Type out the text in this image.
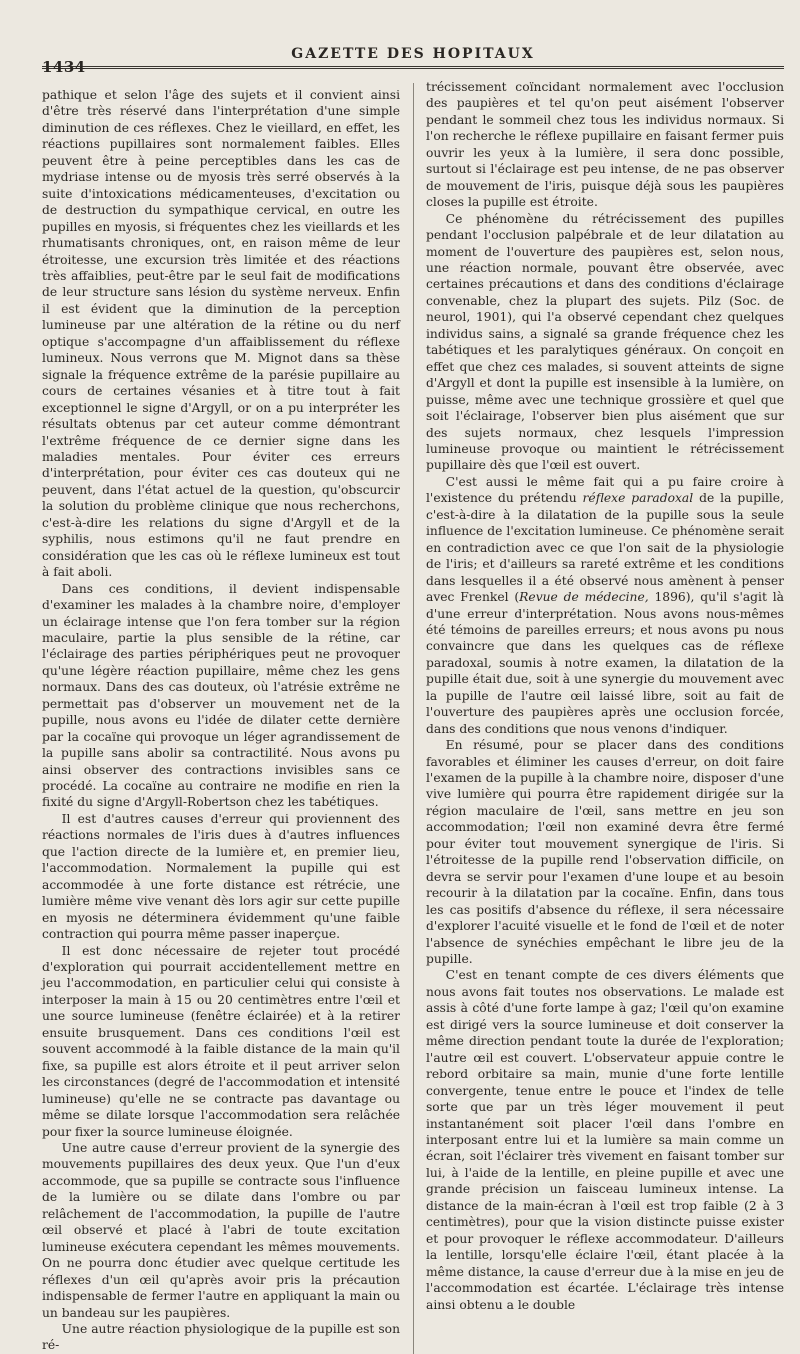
1434
GAZETTE DES HOPITAUX

pathique et selon l'âge des sujets et il convient ainsi d'être très réservé dans l'interprétation d'une simple diminution de ces réflexes. Chez le vieillard, en effet, les réactions pupillaires sont normalement faibles. Elles peuvent être à peine perceptibles dans les cas de mydriase intense ou de myosis très serré observés à la suite d'intoxications médicamenteuses, d'excitation ou de destruction du sympathique cervical, en outre les pupilles en myosis, si fréquentes chez les vieillards et les rhumatisants chroniques, ont, en raison même de leur étroitesse, une excursion très limitée et des réactions très affaiblies, peut-être par le seul fait de modifications de leur structure sans lésion du système nerveux. Enfin il est évident que la diminution de la perception lumineuse par une altération de la rétine ou du nerf optique s'accompagne d'un affaiblissement du réflexe lumineux. Nous verrons que M. Mignot dans sa thèse signale la fréquence extrême de la parésie pupillaire au cours de certaines vésanies et à titre tout à fait exceptionnel le signe d'Argyll, or on a pu interpréter les résultats obtenus par cet auteur comme démontrant l'extrême fréquence de ce dernier signe dans les maladies mentales. Pour éviter ces erreurs d'interprétation, pour éviter ces cas douteux qui ne peuvent, dans l'état actuel de la question, qu'obscurcir la solution du problème clinique que nous recherchons, c'est-à-dire les relations du signe d'Argyll et de la syphilis, nous estimons qu'il ne faut prendre en considération que les cas où le réflexe lumineux est tout à fait aboli.

Dans ces conditions, il devient indispensable d'examiner les malades à la chambre noire, d'employer un éclairage intense que l'on fera tomber sur la région maculaire, partie la plus sensible de la rétine, car l'éclairage des parties périphériques peut ne provoquer qu'une légère réaction pupillaire, même chez les gens normaux. Dans des cas douteux, où l'atrésie extrême ne permettait pas d'observer un mouvement net de la pupille, nous avons eu l'idée de dilater cette dernière par la cocaïne qui provoque un léger agrandissement de la pupille sans abolir sa contractilité. Nous avons pu ainsi observer des contractions invisibles sans ce procédé. La cocaïne au contraire ne modifie en rien la fixité du signe d'Argyll-Robertson chez les tabétiques.

Il est d'autres causes d'erreur qui proviennent des réactions normales de l'iris dues à d'autres influences que l'action directe de la lumière et, en premier lieu, l'accommodation. Normalement la pupille qui est accommodée à une forte distance est rétrécie, une lumière même vive venant dès lors agir sur cette pupille en myosis ne déterminera évidemment qu'une faible contraction qui pourra même passer inaperçue.

Il est donc nécessaire de rejeter tout procédé d'exploration qui pourrait accidentellement mettre en jeu l'accommodation, en particulier celui qui consiste à interposer la main à 15 ou 20 centimètres entre l'œil et une source lumineuse (fenêtre éclairée) et à la retirer ensuite brusquement. Dans ces conditions l'œil est souvent accommodé à la faible distance de la main qu'il fixe, sa pupille est alors étroite et il peut arriver selon les circonstances (degré de l'accommodation et intensité lumineuse) qu'elle ne se contracte pas davantage ou même se dilate lorsque l'accommodation sera relâchée pour fixer la source lumineuse éloignée.

Une autre cause d'erreur provient de la synergie des mouvements pupillaires des deux yeux. Que l'un d'eux accommode, que sa pupille se contracte sous l'influence de la lumière ou se dilate dans l'ombre ou par relâchement de l'accommodation, la pupille de l'autre œil observé et placé à l'abri de toute excitation lumineuse exécutera cependant les mêmes mouvements. On ne pourra donc étudier avec quelque certitude les réflexes d'un œil qu'après avoir pris la précaution indispensable de fermer l'autre en appliquant la main ou un bandeau sur les paupières.

Une autre réaction physiologique de la pupille est son ré-

trécissement coïncidant normalement avec l'occlusion des paupières et tel qu'on peut aisément l'observer pendant le sommeil chez tous les individus normaux. Si l'on recherche le réflexe pupillaire en faisant fermer puis ouvrir les yeux à la lumière, il sera donc possible, surtout si l'éclairage est peu intense, de ne pas observer de mouvement de l'iris, puisque déjà sous les paupières closes la pupille est étroite.

Ce phénomène du rétrécissement des pupilles pendant l'occlusion palpébrale et de leur dilatation au moment de l'ouverture des paupières est, selon nous, une réaction normale, pouvant être observée, avec certaines précautions et dans des conditions d'éclairage convenable, chez la plupart des sujets. Pilz (Soc. de neurol, 1901), qui l'a observé cependant chez quelques individus sains, a signalé sa grande fréquence chez les tabétiques et les paralytiques généraux. On conçoit en effet que chez ces malades, si souvent atteints de signe d'Argyll et dont la pupille est insensible à la lumière, on puisse, même avec une technique grossière et quel que soit l'éclairage, l'observer bien plus aisément que sur des sujets normaux, chez lesquels l'impression lumineuse provoque ou maintient le rétrécissement pupillaire dès que l'œil est ouvert.

C'est aussi le même fait qui a pu faire croire à l'existence du prétendu réflexe paradoxal de la pupille, c'est-à-dire à la dilatation de la pupille sous la seule influence de l'excitation lumineuse. Ce phénomène serait en contradiction avec ce que l'on sait de la physiologie de l'iris; et d'ailleurs sa rareté extrême et les conditions dans lesquelles il a été observé nous amènent à penser avec Frenkel (Revue de médecine, 1896), qu'il s'agit là d'une erreur d'interprétation. Nous avons nous-mêmes été témoins de pareilles erreurs; et nous avons pu nous convaincre que dans les quelques cas de réflexe paradoxal, soumis à notre examen, la dilatation de la pupille était due, soit à une synergie du mouvement avec la pupille de l'autre œil laissé libre, soit au fait de l'ouverture des paupières après une occlusion forcée, dans des conditions que nous venons d'indiquer.

En résumé, pour se placer dans des conditions favorables et éliminer les causes d'erreur, on doit faire l'examen de la pupille à la chambre noire, disposer d'une vive lumière qui pourra être rapidement dirigée sur la région maculaire de l'œil, sans mettre en jeu son accommodation; l'œil non examiné devra être fermé pour éviter tout mouvement synergique de l'iris. Si l'étroitesse de la pupille rend l'observation difficile, on devra se servir pour l'examen d'une loupe et au besoin recourir à la dilatation par la cocaïne. Enfin, dans tous les cas positifs d'absence du réflexe, il sera nécessaire d'explorer l'acuité visuelle et le fond de l'œil et de noter l'absence de synéchies empêchant le libre jeu de la pupille.

C'est en tenant compte de ces divers éléments que nous avons fait toutes nos observations. Le malade est assis à côté d'une forte lampe à gaz; l'œil qu'on examine est dirigé vers la source lumineuse et doit conserver la même direction pendant toute la durée de l'exploration; l'autre œil est couvert. L'observateur appuie contre le rebord orbitaire sa main, munie d'une forte lentille convergente, tenue entre le pouce et l'index de telle sorte que par un très léger mouvement il peut instantanément soit placer l'œil dans l'ombre en interposant entre lui et la lumière sa main comme un écran, soit l'éclairer très vivement en faisant tomber sur lui, à l'aide de la lentille, en pleine pupille et avec une grande précision un faisceau lumineux intense. La distance de la main-écran à l'œil est trop faible (2 à 3 centimètres), pour que la vision distincte puisse exister et pour provoquer le réflexe accommodateur. D'ailleurs la lentille, lorsqu'elle éclaire l'œil, étant placée à la même distance, la cause d'erreur due à la mise en jeu de l'accommodation est écartée. L'éclairage très intense ainsi obtenu a le double
